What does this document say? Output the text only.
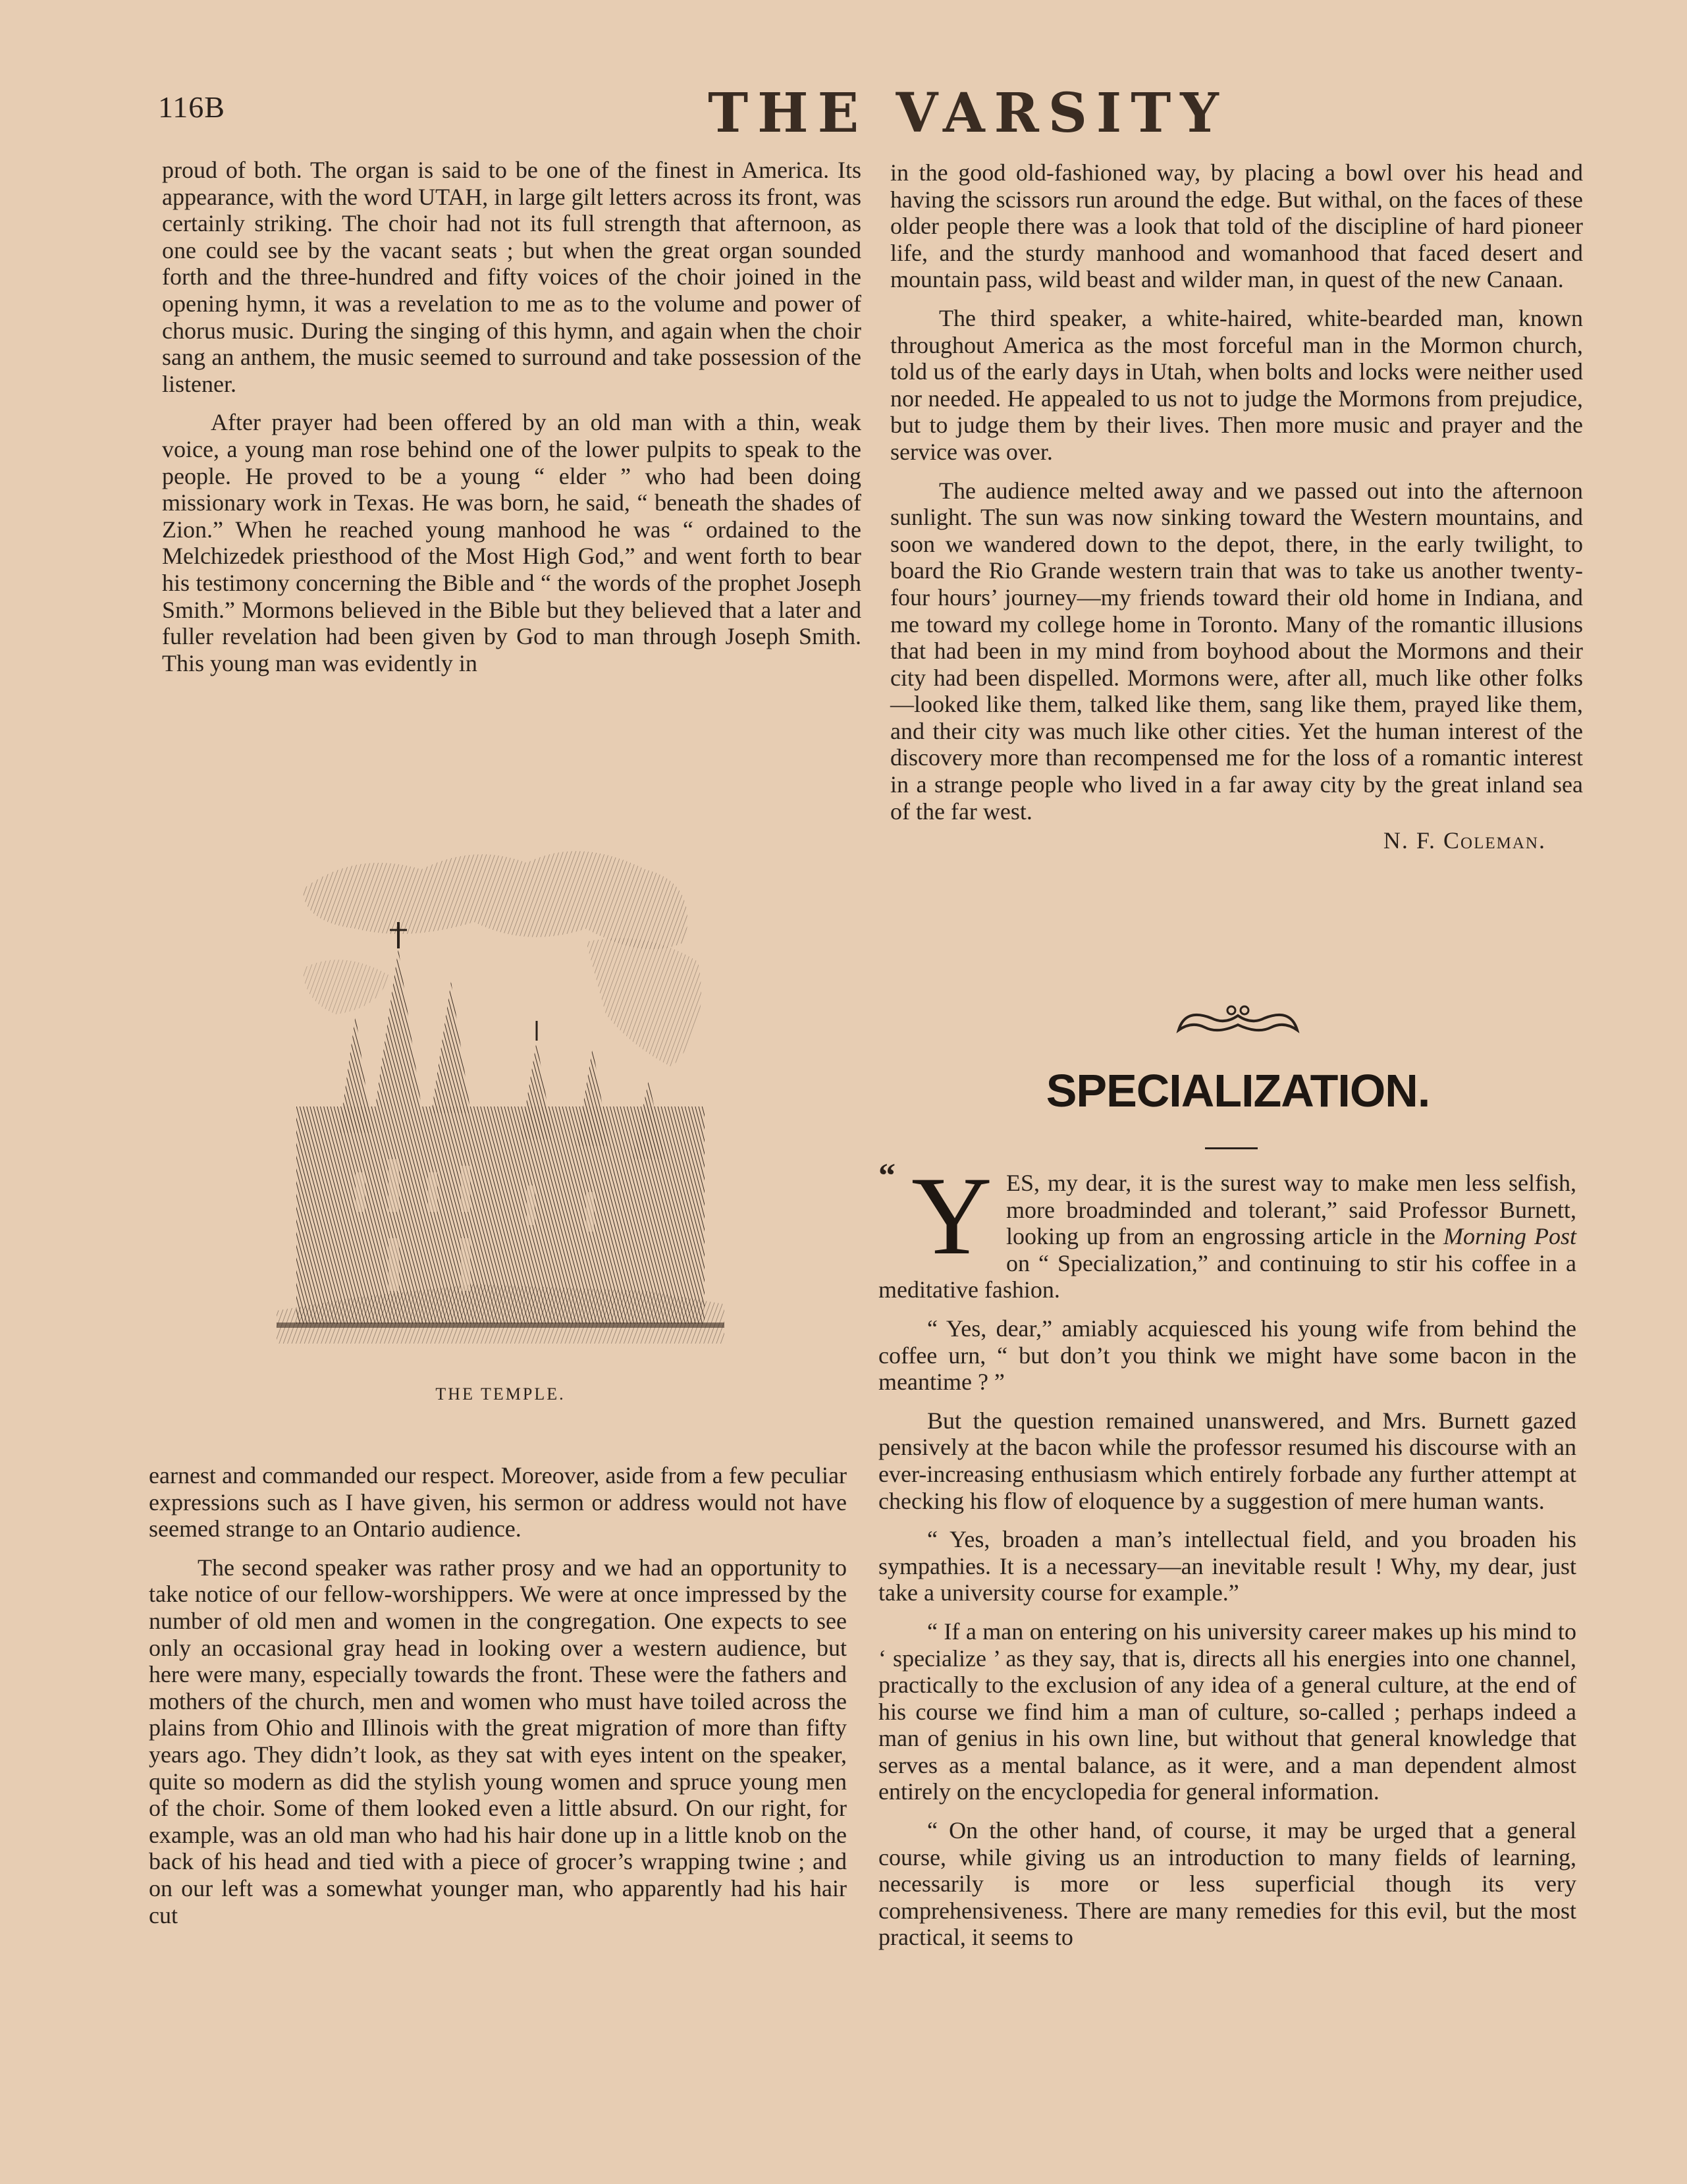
116B	THE VARSITY

proud of both. The organ is said to be one of the finest in America. Its appearance, with the word UTAH, in large gilt letters across its front, was certainly striking. The choir had not its full strength that afternoon, as one could see by the vacant seats ; but when the great organ sounded forth and the three-hundred and fifty voices of the choir joined in the opening hymn, it was a revelation to me as to the volume and power of chorus music. During the singing of this hymn, and again when the choir sang an anthem, the music seemed to surround and take possession of the listener.

After prayer had been offered by an old man with a thin, weak voice, a young man rose behind one of the lower pulpits to speak to the people. He proved to be a young “ elder ” who had been doing missionary work in Texas. He was born, he said, “ beneath the shades of Zion.” When he reached young manhood he was “ ordained to the Melchizedek priesthood of the Most High God,” and went forth to bear his testimony concerning the Bible and “ the words of the prophet Joseph Smith.” Mormons believed in the Bible but they believed that a later and fuller revelation had been given by God to man through Joseph Smith. This young man was evidently in

THE TEMPLE.

earnest and commanded our respect. Moreover, aside from a few peculiar expressions such as I have given, his sermon or address would not have seemed strange to an Ontario audience.

The second speaker was rather prosy and we had an opportunity to take notice of our fellow-worshippers. We were at once impressed by the number of old men and women in the congregation. One expects to see only an occasional gray head in looking over a western audience, but here were many, especially towards the front. These were the fathers and mothers of the church, men and women who must have toiled across the plains from Ohio and Illinois with the great migration of more than fifty years ago. They didn’t look, as they sat with eyes intent on the speaker, quite so modern as did the stylish young women and spruce young men of the choir. Some of them looked even a little absurd. On our right, for example, was an old man who had his hair done up in a little knob on the back of his head and tied with a piece of grocer’s wrapping twine ; and on our left was a somewhat younger man, who apparently had his hair cut

in the good old-fashioned way, by placing a bowl over his head and having the scissors run around the edge. But withal, on the faces of these older people there was a look that told of the discipline of hard pioneer life, and the sturdy manhood and womanhood that faced desert and mountain pass, wild beast and wilder man, in quest of the new Canaan.

The third speaker, a white-haired, white-bearded man, known throughout America as the most forceful man in the Mormon church, told us of the early days in Utah, when bolts and locks were neither used nor needed. He appealed to us not to judge the Mormons from prejudice, but to judge them by their lives. Then more music and prayer and the service was over.

The audience melted away and we passed out into the afternoon sunlight. The sun was now sinking toward the Western mountains, and soon we wandered down to the depot, there, in the early twilight, to board the Rio Grande western train that was to take us another twenty-four hours’ journey—my friends toward their old home in Indiana, and me toward my college home in Toronto. Many of the romantic illusions that had been in my mind from boyhood about the Mormons and their city had been dispelled. Mormons were, after all, much like other folks—looked like them, talked like them, sang like them, prayed like them, and their city was much like other cities. Yet the human interest of the discovery more than recompensed me for the loss of a romantic interest in a strange people who lived in a far away city by the great inland sea of the far west.

N. F. Coleman.
SPECIALIZATION.
“ YES, my dear, it is the surest way to make men less selfish, more broadminded and tolerant,” said Professor Burnett, looking up from an engrossing article in the Morning Post on “ Specialization,” and continuing to stir his coffee in a meditative fashion.

“ Yes, dear,” amiably acquiesced his young wife from behind the coffee urn, “ but don’t you think we might have some bacon in the meantime ? ”

But the question remained unanswered, and Mrs. Burnett gazed pensively at the bacon while the professor resumed his discourse with an ever-increasing enthusiasm which entirely forbade any further attempt at checking his flow of eloquence by a suggestion of mere human wants.

“ Yes, broaden a man’s intellectual field, and you broaden his sympathies. It is a necessary—an inevitable result ! Why, my dear, just take a university course for example.”

“ If a man on entering on his university career makes up his mind to ‘ specialize ’ as they say, that is, directs all his energies into one channel, practically to the exclusion of any idea of a general culture, at the end of his course we find him a man of culture, so-called ; perhaps indeed a man of genius in his own line, but without that general knowledge that serves as a mental balance, as it were, and a man dependent almost entirely on the encyclopedia for general information.

“ On the other hand, of course, it may be urged that a general course, while giving us an introduction to many fields of learning, necessarily is more or less superficial though its very comprehensiveness. There are many remedies for this evil, but the most practical, it seems to
